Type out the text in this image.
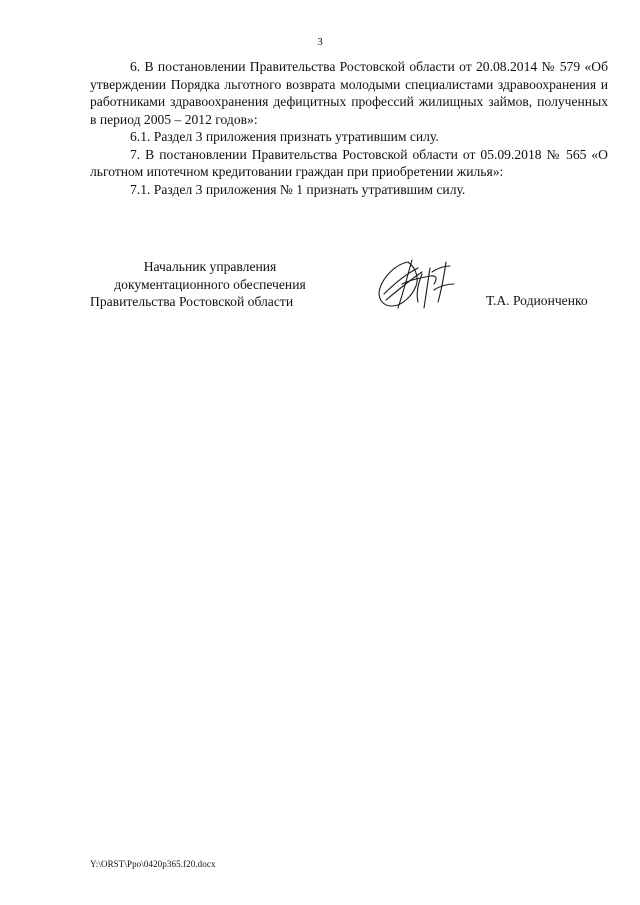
3

6. В постановлении Правительства Ростовской области от 20.08.2014 № 579 «Об утверждении Порядка льготного возврата молодыми специалистами здравоохранения и работниками здравоохранения дефицитных профессий жилищных займов, полученных в период 2005 – 2012 годов»:

6.1. Раздел 3 приложения признать утратившим силу.

7. В постановлении Правительства Ростовской области от 05.09.2018 № 565 «О льготном ипотечном кредитовании граждан при приобретении жилья»:

7.1. Раздел 3 приложения № 1 признать утратившим силу.

Начальник управления
документационного обеспечения
Правительства Ростовской области	Т.А. Родионченко
Y:\ORST\Ppo\0420p365.f20.docx
